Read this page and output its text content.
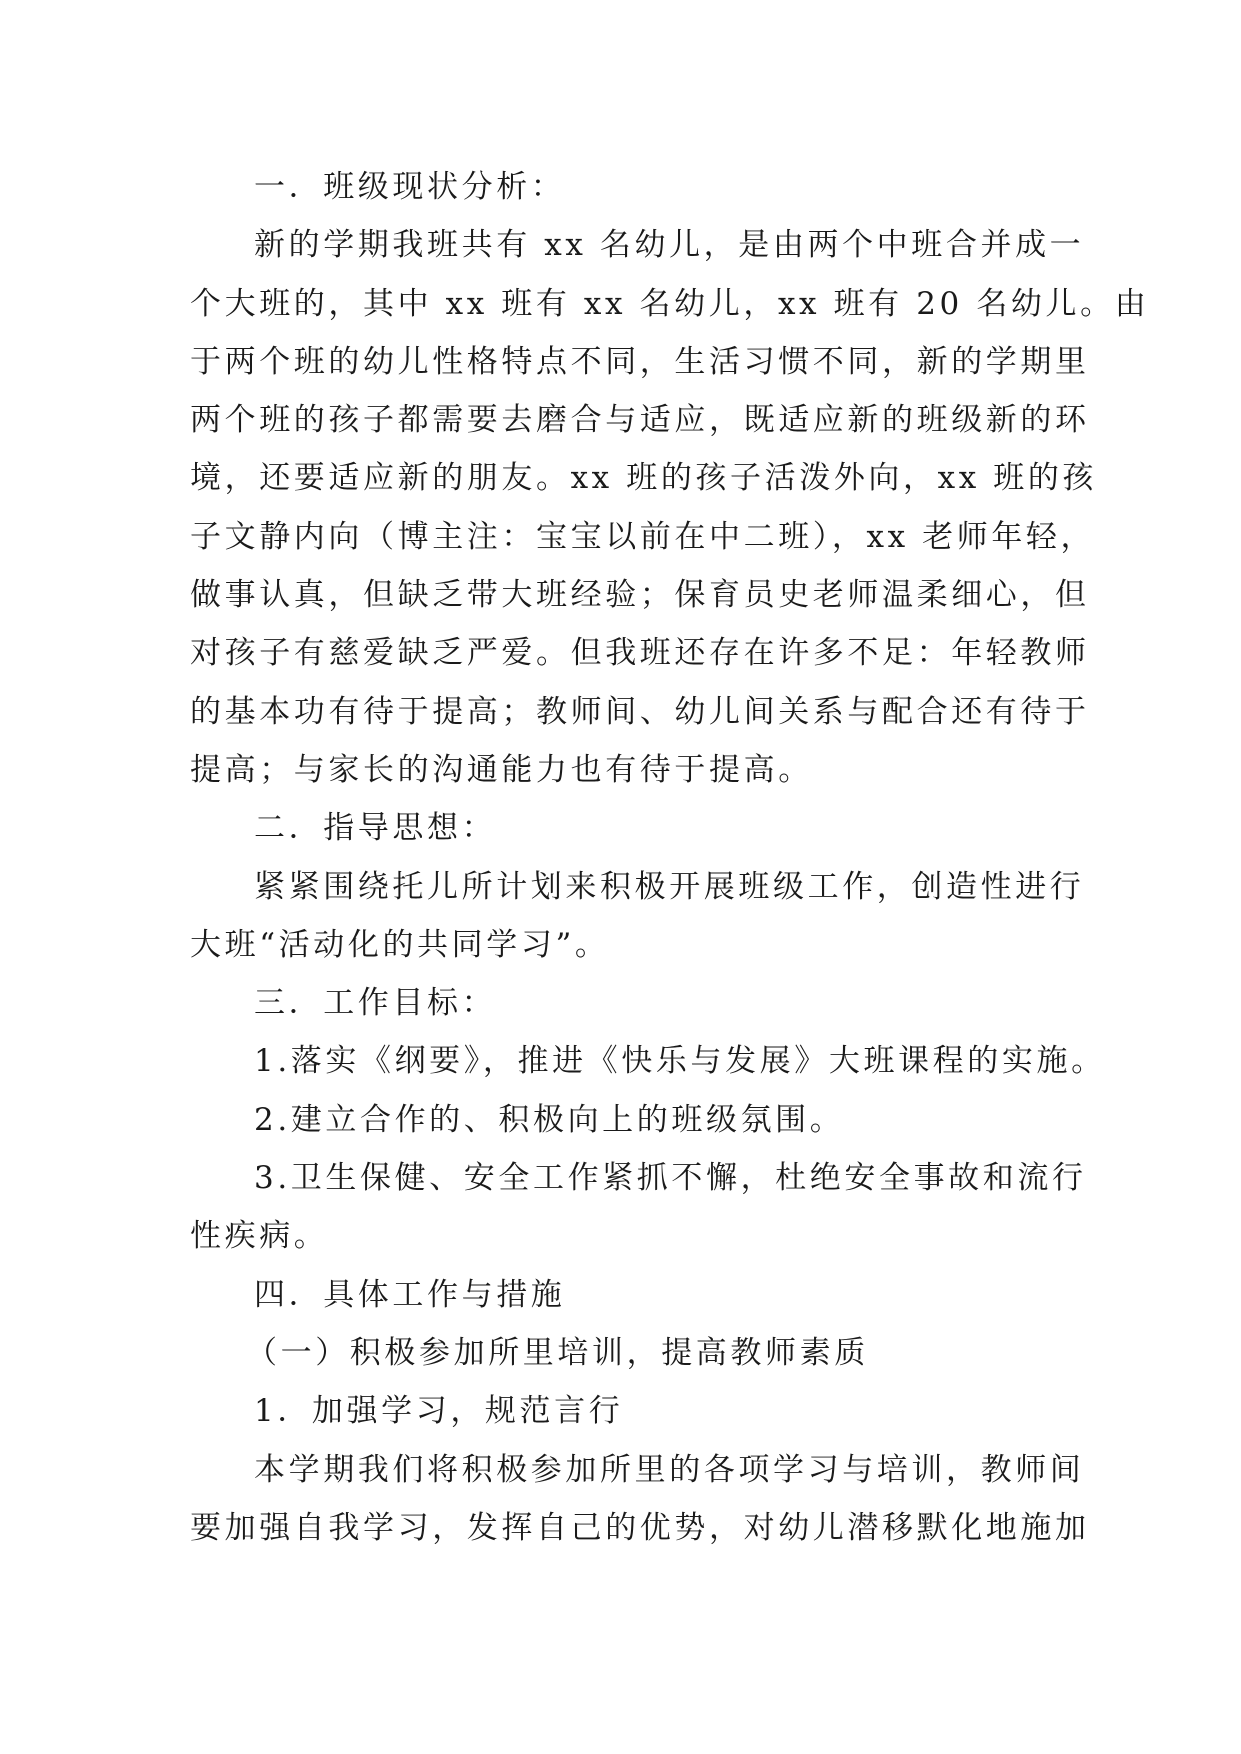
一．班级现状分析：
新的学期我班共有 xx 名幼儿，是由两个中班合并成一
个大班的，其中 xx 班有 xx 名幼儿，xx 班有 20 名幼儿。由
于两个班的幼儿性格特点不同，生活习惯不同，新的学期里
两个班的孩子都需要去磨合与适应，既适应新的班级新的环
境，还要适应新的朋友。xx 班的孩子活泼外向，xx 班的孩
子文静内向（博主注：宝宝以前在中二班），xx 老师年轻，
做事认真，但缺乏带大班经验；保育员史老师温柔细心，但
对孩子有慈爱缺乏严爱。但我班还存在许多不足：年轻教师
的基本功有待于提高；教师间、幼儿间关系与配合还有待于
提高；与家长的沟通能力也有待于提高。
二．指导思想：
紧紧围绕托儿所计划来积极开展班级工作，创造性进行
大班“活动化的共同学习”。
三．工作目标：
1.落实《纲要》，推进《快乐与发展》大班课程的实施。
2.建立合作的、积极向上的班级氛围。
3.卫生保健、安全工作紧抓不懈，杜绝安全事故和流行
性疾病。
四．具体工作与措施
（一）积极参加所里培训，提高教师素质
1．加强学习，规范言行
本学期我们将积极参加所里的各项学习与培训，教师间
要加强自我学习，发挥自己的优势，对幼儿潜移默化地施加
